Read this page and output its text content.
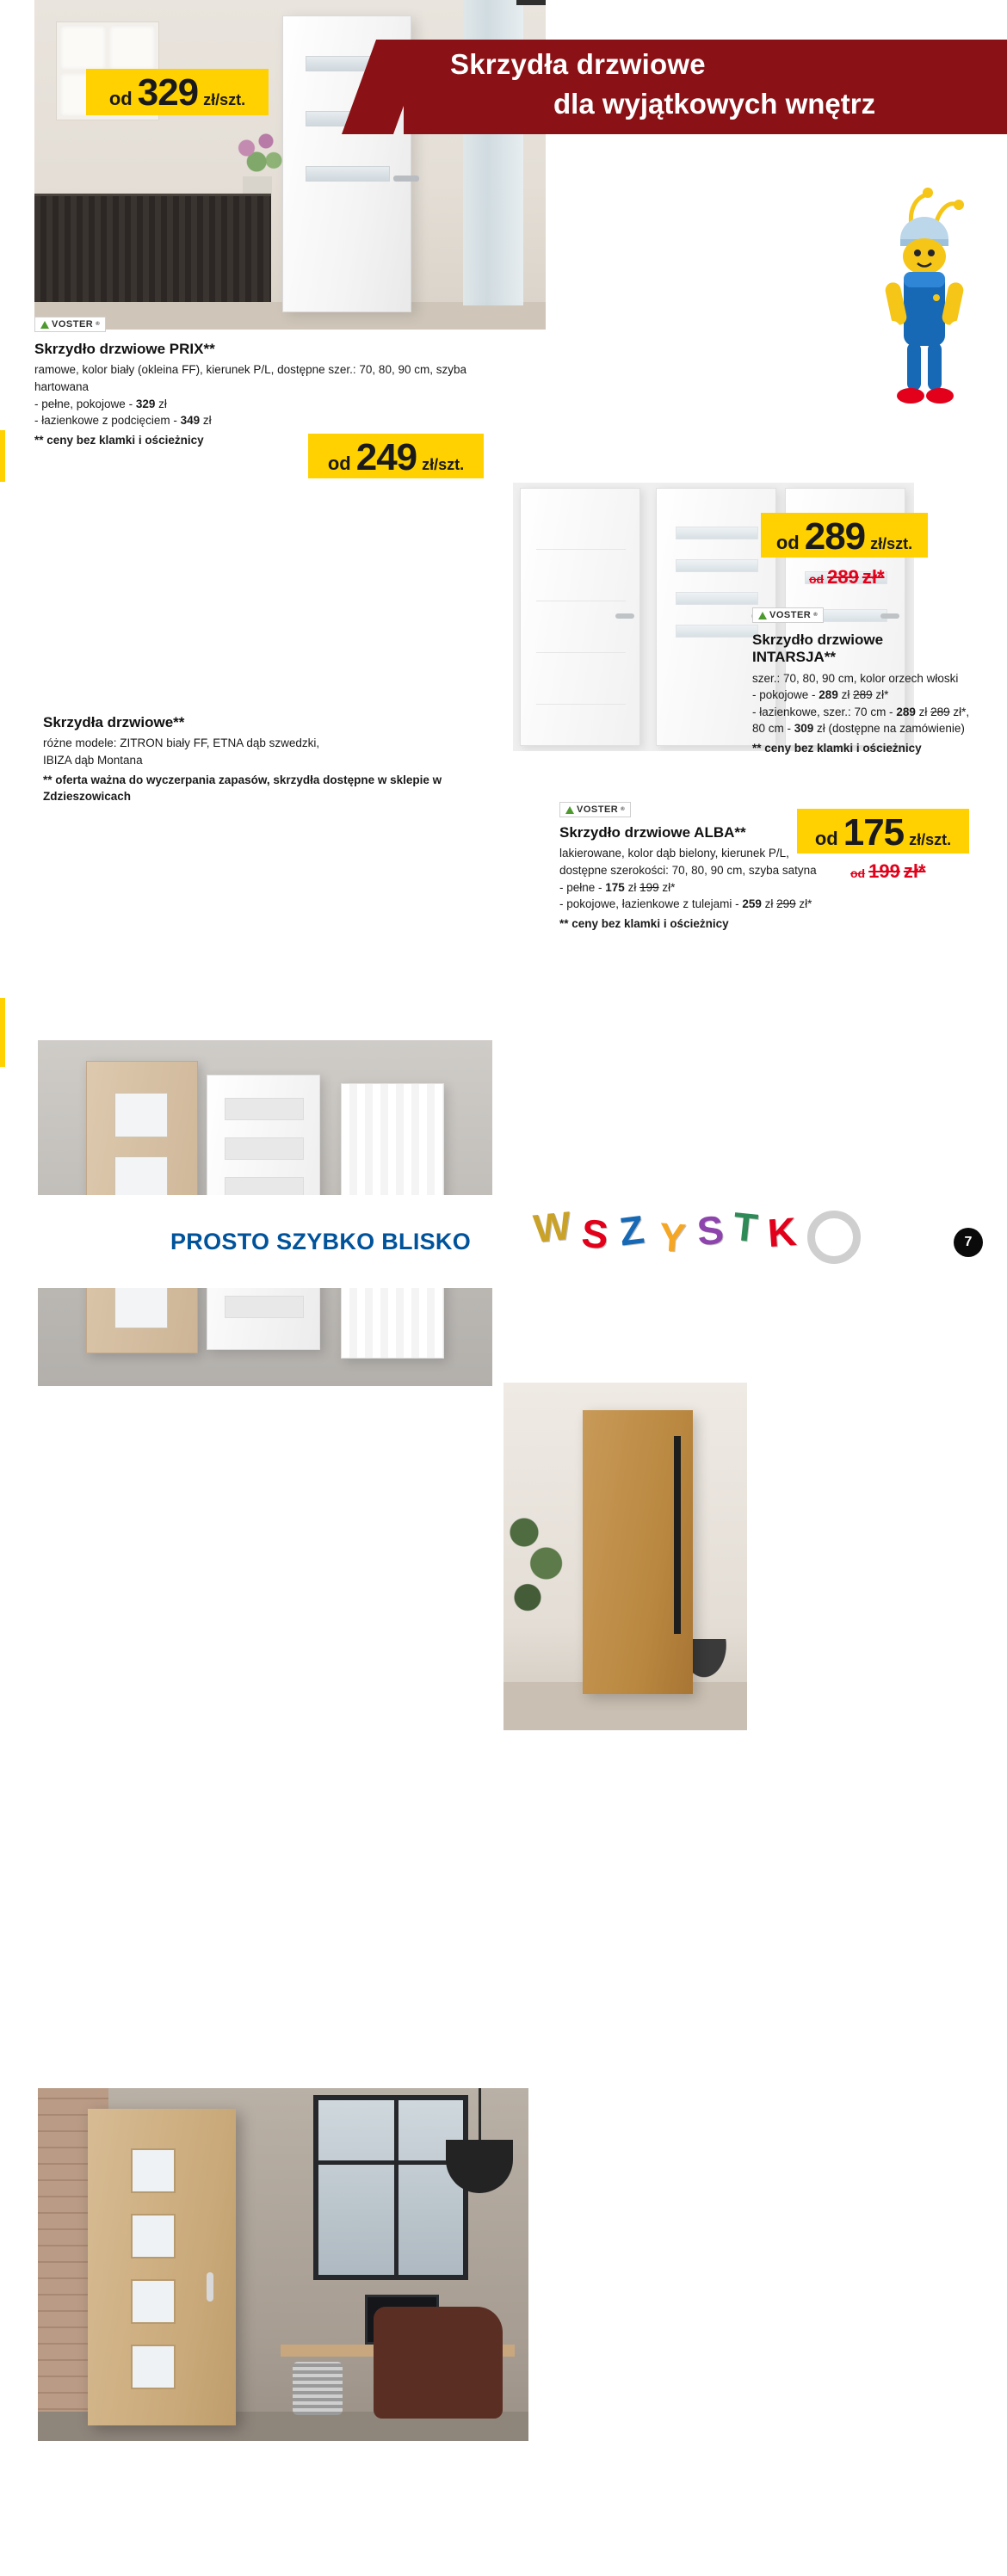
od 329 zł/szt.
Skrzydła drzwiowe
dla wyjątkowych wnętrz
VOSTER ®
Skrzydło drzwiowe PRIX**
ramowe, kolor biały (okleina FF), kierunek P/L, dostępne szer.: 70, 80, 90 cm, szyba hartowana
- pełne, pokojowe - 329 zł
- łazienkowe z podcięciem - 349 zł
** ceny bez klamki i ościeżnicy
od 249 zł/szt.
Skrzydła drzwiowe**
różne modele: ZITRON biały FF, ETNA dąb szwedzki,
IBIZA dąb Montana
** oferta ważna do wyczerpania zapasów, skrzydła dostępne w sklepie w Zdzieszowicach
od 289 zł/szt.
od 289 zł*
VOSTER ®
Skrzydło drzwiowe
INTARSJA**
szer.: 70, 80, 90 cm, kolor orzech włoski
- pokojowe - 289 zł 289 zł*
- łazienkowe, szer.: 70 cm - 289 zł 289 zł*,
80 cm - 309 zł (dostępne na zamówienie)
** ceny bez klamki i ościeżnicy
VOSTER ®
od 175 zł/szt.
od 199 zł*
Skrzydło drzwiowe ALBA**
lakierowane, kolor dąb bielony, kierunek P/L,
dostępne szerokości: 70, 80, 90 cm, szyba satyna
- pełne - 175 zł 199 zł*
- pokojowe, łazienkowe z tulejami - 259 zł 299 zł*
** ceny bez klamki i ościeżnicy
PROSTO SZYBKO BLISKO W S Z Y S T K	7
